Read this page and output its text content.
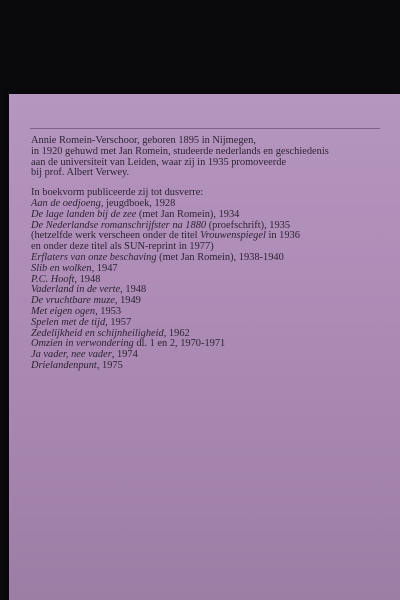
Annie Romein-Verschoor, geboren 1895 in Nijmegen,
in 1920 gehuwd met Jan Romein, studeerde nederlands en geschiedenis
aan de universiteit van Leiden, waar zij in 1935 promoveerde
bij prof. Albert Verwey.
In boekvorm publiceerde zij tot dusverre:
Aan de oedjoeng, jeugdboek, 1928
De lage landen bij de zee (met Jan Romein), 1934
De Nederlandse romanschrijfster na 1880 (proefschrift), 1935
(hetzelfde werk verscheen onder de titel Vrouwenspiegel in 1936
en onder deze titel als SUN-reprint in 1977)
Erflaters van onze beschaving (met Jan Romein), 1938-1940
Slib en wolken, 1947
P.C. Hooft, 1948
Vaderland in de verte, 1948
De vruchtbare muze, 1949
Met eigen ogen, 1953
Spelen met de tijd, 1957
Zedelijkheid en schijnheiligheid, 1962
Omzien in verwondering dl. 1 en 2, 1970-1971
Ja vader, nee vader, 1974
Drielandenpunt, 1975
